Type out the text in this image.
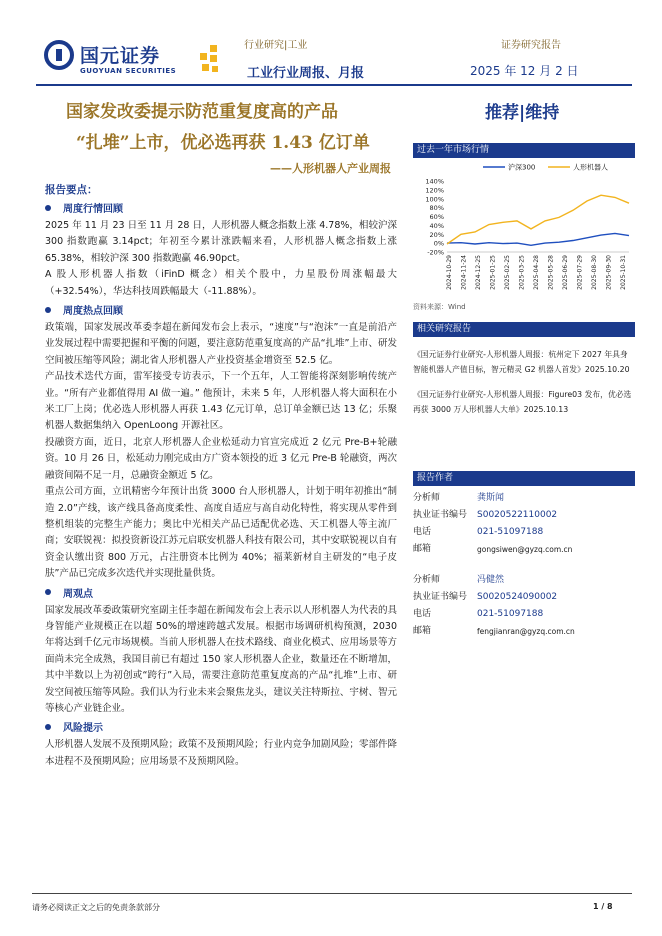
国元证券
GUOYUAN SECURITIES
行业研究|工业	证券研究报告
工业行业周报、月报	2025 年 12 月 2 日
国家发改委提示防范重复度高的产品
“扎堆”上市，优必选再获 1.43 亿订单
——人形机器人产业周报
推荐|维持
报告要点：
周度行情回顾

2025 年 11 月 23 日至 11 月 28 日，人形机器人概念指数上涨 4.78%，相较沪深 300 指数跑赢 3.14pct；年初至今累计涨跌幅来看，人形机器人概念指数上涨 65.38%，相较沪深 300 指数跑赢 46.90pct。

A 股人形机器人指数（iFinD 概念）相关个股中，力星股份周涨幅最大（+32.54%），华达科技周跌幅最大（-11.88%）。

周度热点回顾

政策端，国家发展改革委李超在新闻发布会上表示，“速度”与“泡沫”一直是前沿产业发展过程中需要把握和平衡的问题，要注意防范重复度高的产品“扎堆”上市、研发空间被压缩等风险；湖北省人形机器人产业投资基金增资至 52.5 亿。

产品技术迭代方面，雷军接受专访表示，下一个五年，人工智能将深刻影响传统产业。“所有产业都值得用 AI 做一遍。” 他预计，未来 5 年，人形机器人将大面积在小米工厂上岗；优必选人形机器人再获 1.43 亿元订单，总订单金额已达 13 亿；乐聚机器人数据集纳入 OpenLoong 开源社区。

投融资方面，近日，北京人形机器人企业松延动力官宣完成近 2 亿元 Pre-B+轮融资。10 月 26 日，松延动力刚完成由方广资本领投的近 3 亿元 Pre-B 轮融资，两次融资间隔不足一月，总融资金额近 5 亿。

重点公司方面，立讯精密今年预计出货 3000 台人形机器人，计划于明年初推出“制造 2.0”产线，该产线具备高度柔性、高度自适应与高自动化特性，将实现从零件到整机组装的完整生产能力；奥比中光相关产品已适配优必选、天工机器人等主流厂商；安联锐视：拟投资新设江苏元启联安机器人科技有限公司，其中安联锐视以自有资金认缴出资 800 万元，占注册资本比例为 40%；福莱新材自主研发的“电子皮肤”产品已完成多次迭代并实现批量供货。

周观点

国家发展改革委政策研究室副主任李超在新闻发布会上表示以人形机器人为代表的具身智能产业规模正在以超 50%的增速跨越式发展。根据市场调研机构预测，2030 年将达到千亿元市场规模。当前人形机器人在技术路线、商业化模式、应用场景等方面尚未完全成熟，我国目前已有超过 150 家人形机器人企业，数量还在不断增加，其中半数以上为初创或“跨行”入局，需要注意防范重复度高的产品“扎堆”上市、研发空间被压缩等风险。我们认为行业未来会聚焦龙头，建议关注特斯拉、宇树、智元等核心产业链企业。

风险提示

人形机器人发展不及预期风险；政策不及预期风险；行业内竞争加剧风险；零部件降本进程不及预期风险；应用场景不及预期风险。

过去一年市场行情
140%
120%
100%
80%
60%
40%
20%
0%
-20%
2024-10-29 2024-11-24 2024-12-25 2025-01-25 2025-02-25 2025-03-25 2025-04-28 2025-05-28 2025-06-29 2025-07-29 2025-08-30 2025-09-30 2025-10-31
沪深300	人形机器人
资料来源：Wind
相关研究报告
《国元证券行业研究-人形机器人周报：杭州定下 2027 年具身智能机器人产值目标，智元精灵 G2 机器人首发》2025.10.20
《国元证券行业研究-人形机器人周报：Figure03 发布，优必选再获 3000 万人形机器人大单》2025.10.13
报告作者
分析师	龚斯闻
执业证书编号	S0020522110002
电话	021-51097188
邮箱	gongsiwen@gyzq.com.cn
分析师	冯健然
执业证书编号	S0020524090002
电话	021-51097188
邮箱	fengjianran@gyzq.com.cn
请务必阅读正文之后的免责条款部分	1 / 8
